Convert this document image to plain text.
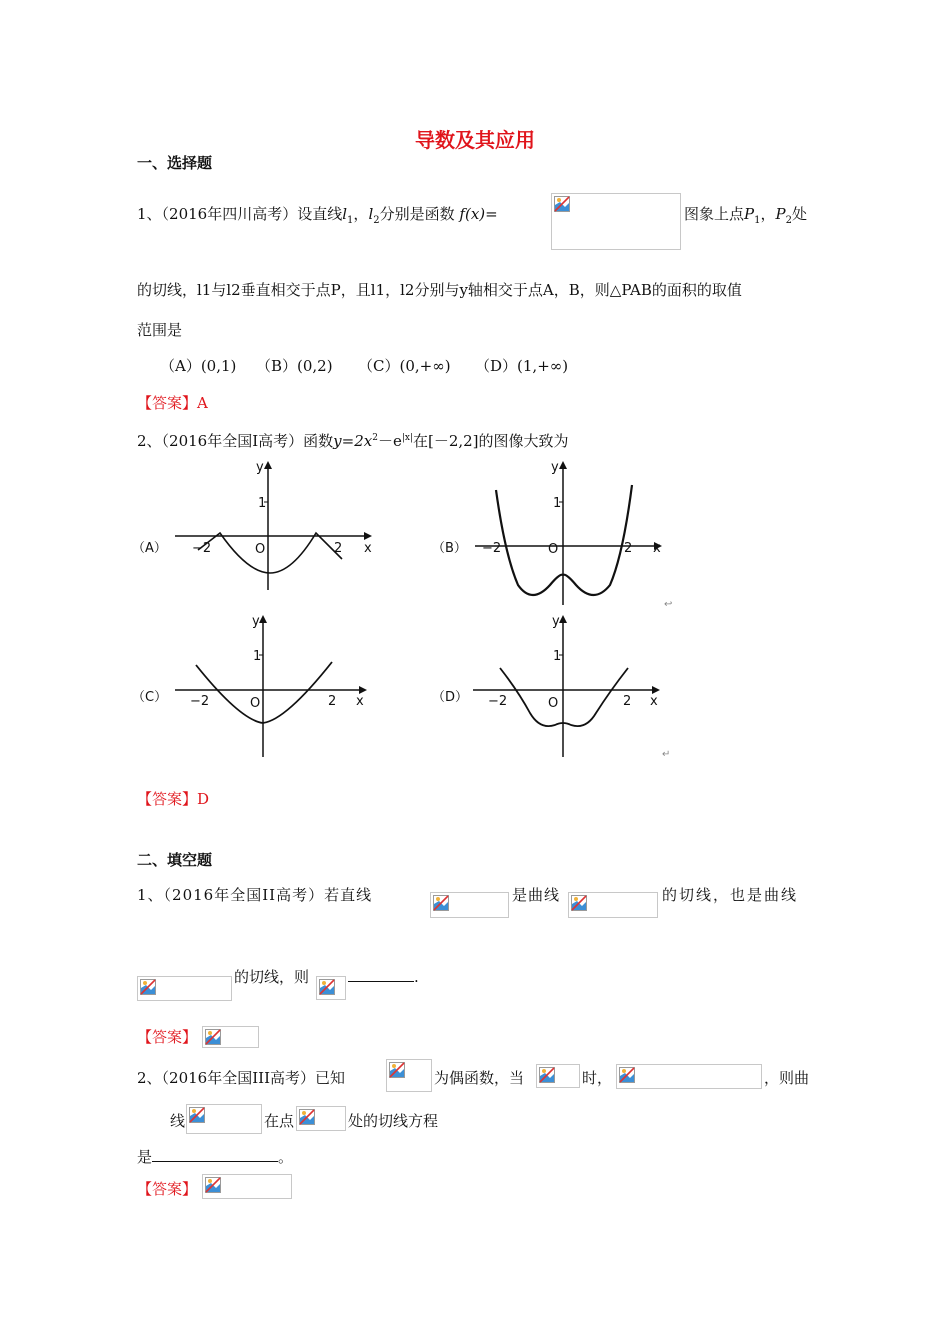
导数及其应用
一、选择题
1、（2016年四川高考）设直线$l_1$，$l_2$分别是函数 f(x)=	图象上点$P_1$，$P_2$处
的切线，l1与l2垂直相交于点P，且l1，l2分别与y轴相交于点A，B，则△PAB的面积的取值
范围是
（A）(0,1) （B）(0,2) （C）(0,+∞) （D）(1,+∞)
【答案】A
2、（2016年全国I高考）函数$y=2x^2-e^{|x|}$在[－2,2]的图像大致为
（A）
1
y
x
O
−2	2	（B）
1
y
x
O
−2	2
↩
（C）
1
y
x
O
−2	2	（D）
1
y
x
O
−2	2
↵
【答案】D
二、填空题
1、（2016年全国II高考）若直线	是曲线	的切线，也是曲线
的切线，则	.
【答案】
2、（2016年全国III高考）已知	为偶函数，当	时，	，则曲
线	在点	处的切线方程
是	。
【答案】
